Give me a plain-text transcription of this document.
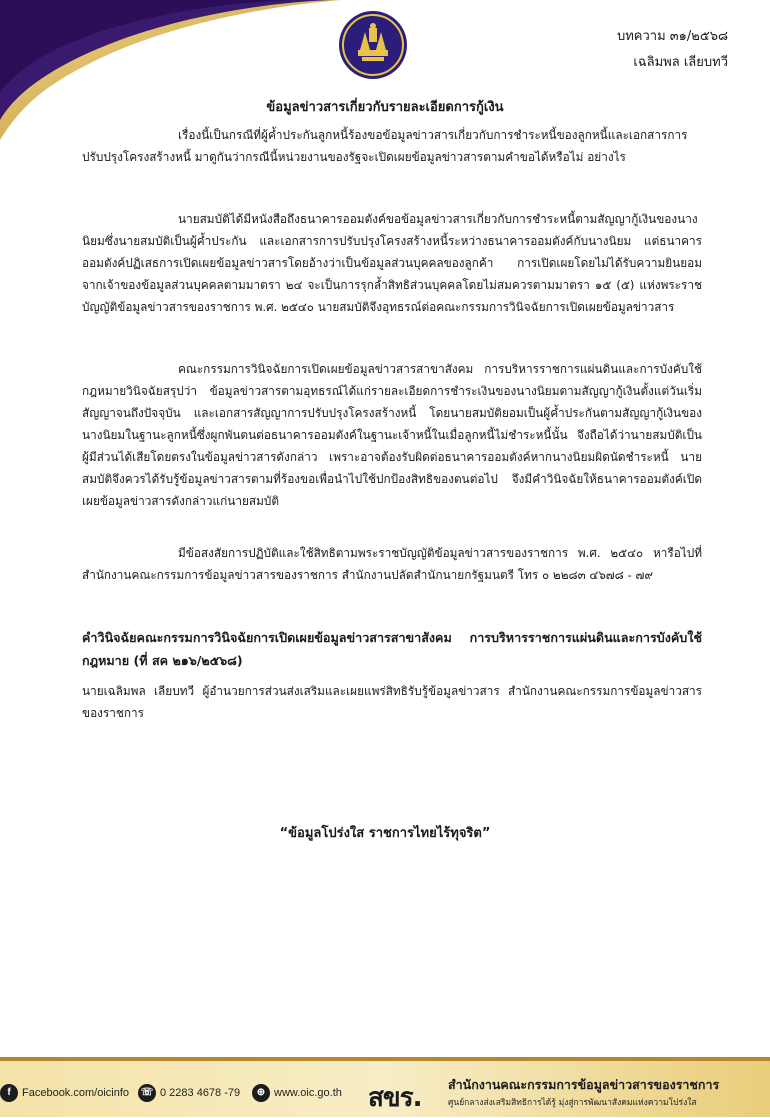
บทความ ๓๑/๒๕๖๘
เฉลิมพล เลียบทวี
ข้อมูลข่าวสารเกี่ยวกับรายละเอียดการกู้เงิน
เรื่องนี้เป็นกรณีที่ผู้ค้ำประกันลูกหนี้ร้องขอข้อมูลข่าวสารเกี่ยวกับการชำระหนี้ของลูกหนี้และเอกสารการปรับปรุงโครงสร้างหนี้ มาดูกันว่ากรณีนี้หน่วยงานของรัฐจะเปิดเผยข้อมูลข่าวสารตามคำขอได้หรือไม่ อย่างไร
นายสมบัติได้มีหนังสือถึงธนาคารออมตังค์ขอข้อมูลข่าวสารเกี่ยวกับการชำระหนี้ตามสัญญากู้เงินของนางนิยมซึ่งนายสมบัติเป็นผู้ค้ำประกัน และเอกสารการปรับปรุงโครงสร้างหนี้ระหว่างธนาคารออมตังค์กับนางนิยม แต่ธนาคารออมตังค์ปฏิเสธการเปิดเผยข้อมูลข่าวสารโดยอ้างว่าเป็นข้อมูลส่วนบุคคลของลูกค้า การเปิดเผยโดยไม่ได้รับความยินยอมจากเจ้าของข้อมูลส่วนบุคคลตามมาตรา ๒๔ จะเป็นการรุกล้ำสิทธิส่วนบุคคลโดยไม่สมควรตามมาตรา ๑๕ (๕) แห่งพระราชบัญญัติข้อมูลข่าวสารของราชการ พ.ศ. ๒๕๔๐ นายสมบัติจึงอุทธรณ์ต่อคณะกรรมการวินิจฉัยการเปิดเผยข้อมูลข่าวสาร
คณะกรรมการวินิจฉัยการเปิดเผยข้อมูลข่าวสารสาขาสังคม การบริหารราชการแผ่นดินและการบังคับใช้กฎหมายวินิจฉัยสรุปว่า ข้อมูลข่าวสารตามอุทธรณ์ได้แก่รายละเอียดการชำระเงินของนางนิยมตามสัญญากู้เงินตั้งแต่วันเริ่มสัญญาจนถึงปัจจุบัน และเอกสารสัญญาการปรับปรุงโครงสร้างหนี้ โดยนายสมบัติยอมเป็นผู้ค้ำประกันตามสัญญากู้เงินของนางนิยมในฐานะลูกหนี้ซึ่งผูกพันตนต่อธนาคารออมตังค์ในฐานะเจ้าหนี้ในเมื่อลูกหนี้ไม่ชำระหนี้นั้น จึงถือได้ว่านายสมบัติเป็นผู้มีส่วนได้เสียโดยตรงในข้อมูลข่าวสารดังกล่าว เพราะอาจต้องรับผิดต่อธนาคารออมตังค์หากนางนิยมผิดนัดชำระหนี้ นายสมบัติจึงควรได้รับรู้ข้อมูลข่าวสารตามที่ร้องขอเพื่อนำไปใช้ปกป้องสิทธิของตนต่อไป จึงมีคำวินิจฉัยให้ธนาคารออมตังค์เปิดเผยข้อมูลข่าวสารดังกล่าวแก่นายสมบัติ
มีข้อสงสัยการปฏิบัติและใช้สิทธิตามพระราชบัญญัติข้อมูลข่าวสารของราชการ พ.ศ. ๒๕๔๐ หารือไปที่สำนักงานคณะกรรมการข้อมูลข่าวสารของราชการ สำนักงานปลัดสำนักนายกรัฐมนตรี โทร ๐ ๒๒๘๓ ๔๖๗๘ - ๗๙
คำวินิจฉัยคณะกรรมการวินิจฉัยการเปิดเผยข้อมูลข่าวสารสาขาสังคม การบริหารราชการแผ่นดินและการบังคับใช้กฎหมาย (ที่ สค ๒๑๖/๒๕๖๘)
นายเฉลิมพล เลียบทวี ผู้อำนวยการส่วนส่งเสริมและเผยแพร่สิทธิรับรู้ข้อมูลข่าวสาร สำนักงานคณะกรรมการข้อมูลข่าวสารของราชการ
“ข้อมูลโปร่งใส ราชการไทยไร้ทุจริต”
f	Facebook.com/oicinfo ☏ 0 2283 4678 -79	⊕ www.oic.go.th สขร. สำนักงานคณะกรรมการข้อมูลข่าวสารของราชการ
ศูนย์กลางส่งเสริมสิทธิการได้รู้ มุ่งสู่การพัฒนาสังคมแห่งความโปร่งใส
